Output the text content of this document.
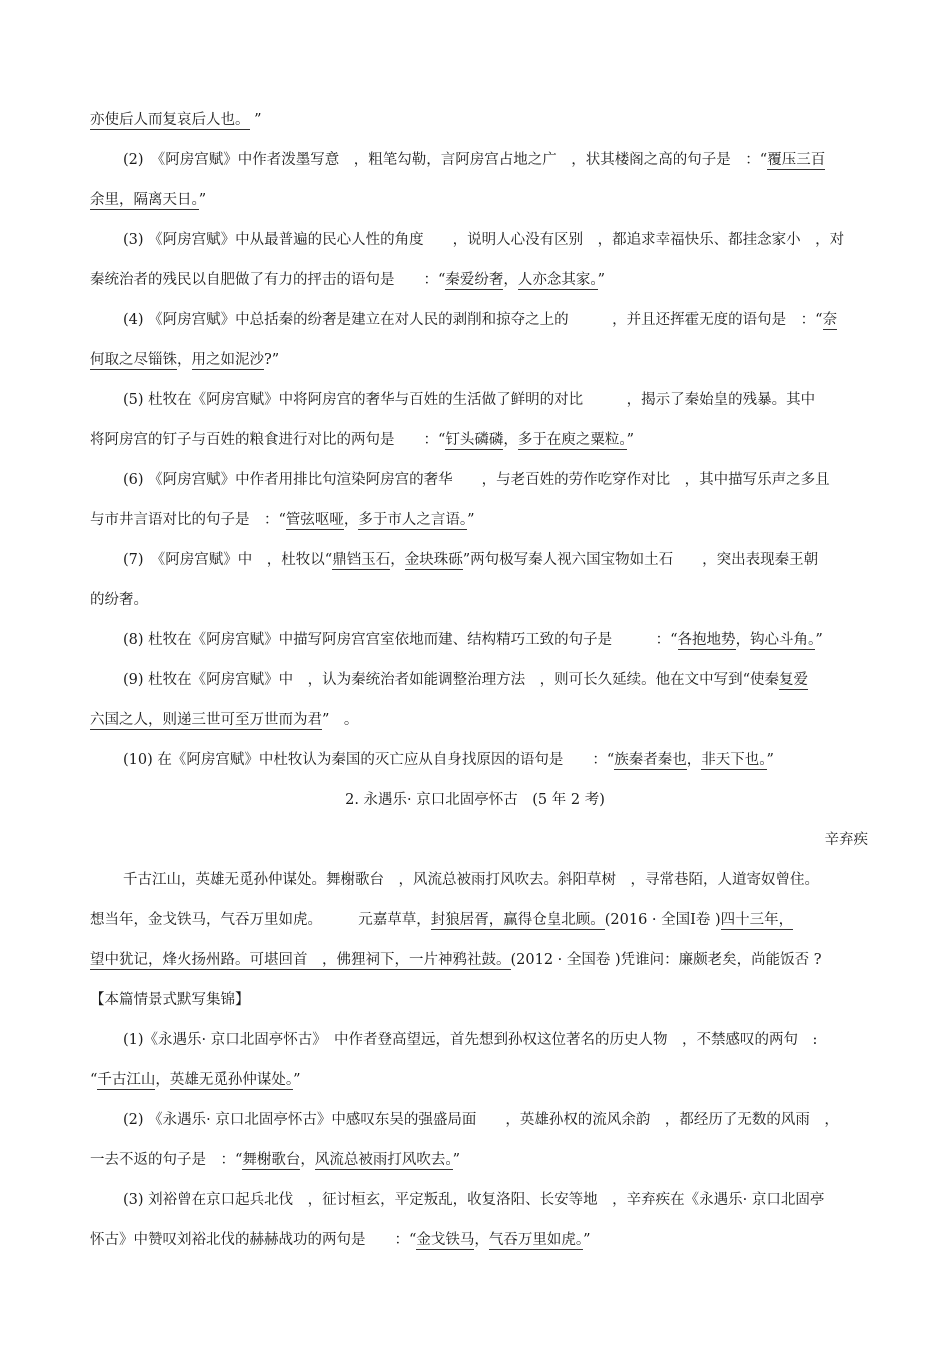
亦使后人而复哀后人也。 ”
(2)　《阿房宫赋》中作者泼墨写意　，粗笔勾勒，言阿房宫占地之广　，状其楼阁之高的句子是　：“覆压三百
余里，隔离天日。”
(3) 《阿房宫赋》中从最普遍的民心人性的角度　　，说明人心没有区别　，都追求幸福快乐、都挂念家小　，对
秦统治者的残民以自肥做了有力的抨击的语句是　　：“秦爱纷奢，人亦念其家。”
(4) 《阿房宫赋》中总括秦的纷奢是建立在对人民的剥削和掠夺之上的　　　，并且还挥霍无度的语句是　：“奈
何取之尽锱铢，用之如泥沙?”
(5) 杜牧在《阿房宫赋》中将阿房宫的奢华与百姓的生活做了鲜明的对比　　　，揭示了秦始皇的残暴。其中
将阿房宫的钉子与百姓的粮食进行对比的两句是　　：“钉头磷磷，多于在庾之粟粒。”
(6) 《阿房宫赋》中作者用排比句渲染阿房宫的奢华　　，与老百姓的劳作吃穿作对比　，其中描写乐声之多且
与市井言语对比的句子是　：“管弦呕哑，多于市人之言语。”
(7)　《阿房宫赋》中　，杜牧以“鼎铛玉石，金块珠砾”两句极写秦人视六国宝物如土石　　，突出表现秦王朝
的纷奢。
(8) 杜牧在《阿房宫赋》中描写阿房宫宫室依地而建、结构精巧工致的句子是　　　：“各抱地势，钩心斗角。”
(9) 杜牧在《阿房宫赋》中　，认为秦统治者如能调整治理方法　，则可长久延续。他在文中写到“使秦复爱
六国之人，则递三世可至万世而为君”　。
(10) 在《阿房宫赋》中杜牧认为秦国的灭亡应从自身找原因的语句是　　：“族秦者秦也，非天下也。”
2. 永遇乐· 京口北固亭怀古　(5 年 2 考)
辛弃疾
千古江山，英雄无觅孙仲谋处。舞榭歌台　，风流总被雨打风吹去。斜阳草树　，寻常巷陌，人道寄奴曾住。
想当年，金戈铁马，气吞万里如虎。　　　元嘉草草，封狼居胥，赢得仓皇北顾。(2016 · 全国Ⅰ卷 )四十三年，
望中犹记，烽火扬州路。可堪回首　，佛狸祠下，一片神鸦社鼓。(2012 · 全国卷 )凭谁问：廉颇老矣，尚能饭否 ?
【本篇情景式默写集锦】
(1)《永遇乐· 京口北固亭怀古》　中作者登高望远，首先想到孙权这位著名的历史人物　，不禁感叹的两句　:
“千古江山，英雄无觅孙仲谋处。”
(2) 《永遇乐· 京口北固亭怀古》中感叹东吴的强盛局面　　，英雄孙权的流风余韵　，都经历了无数的风雨　，
一去不返的句子是　：“舞榭歌台，风流总被雨打风吹去。”
(3) 刘裕曾在京口起兵北伐　，征讨桓玄，平定叛乱，收复洛阳、长安等地　，辛弃疾在《永遇乐· 京口北固亭
怀古》中赞叹刘裕北伐的赫赫战功的两句是　　：“金戈铁马，气吞万里如虎。”
